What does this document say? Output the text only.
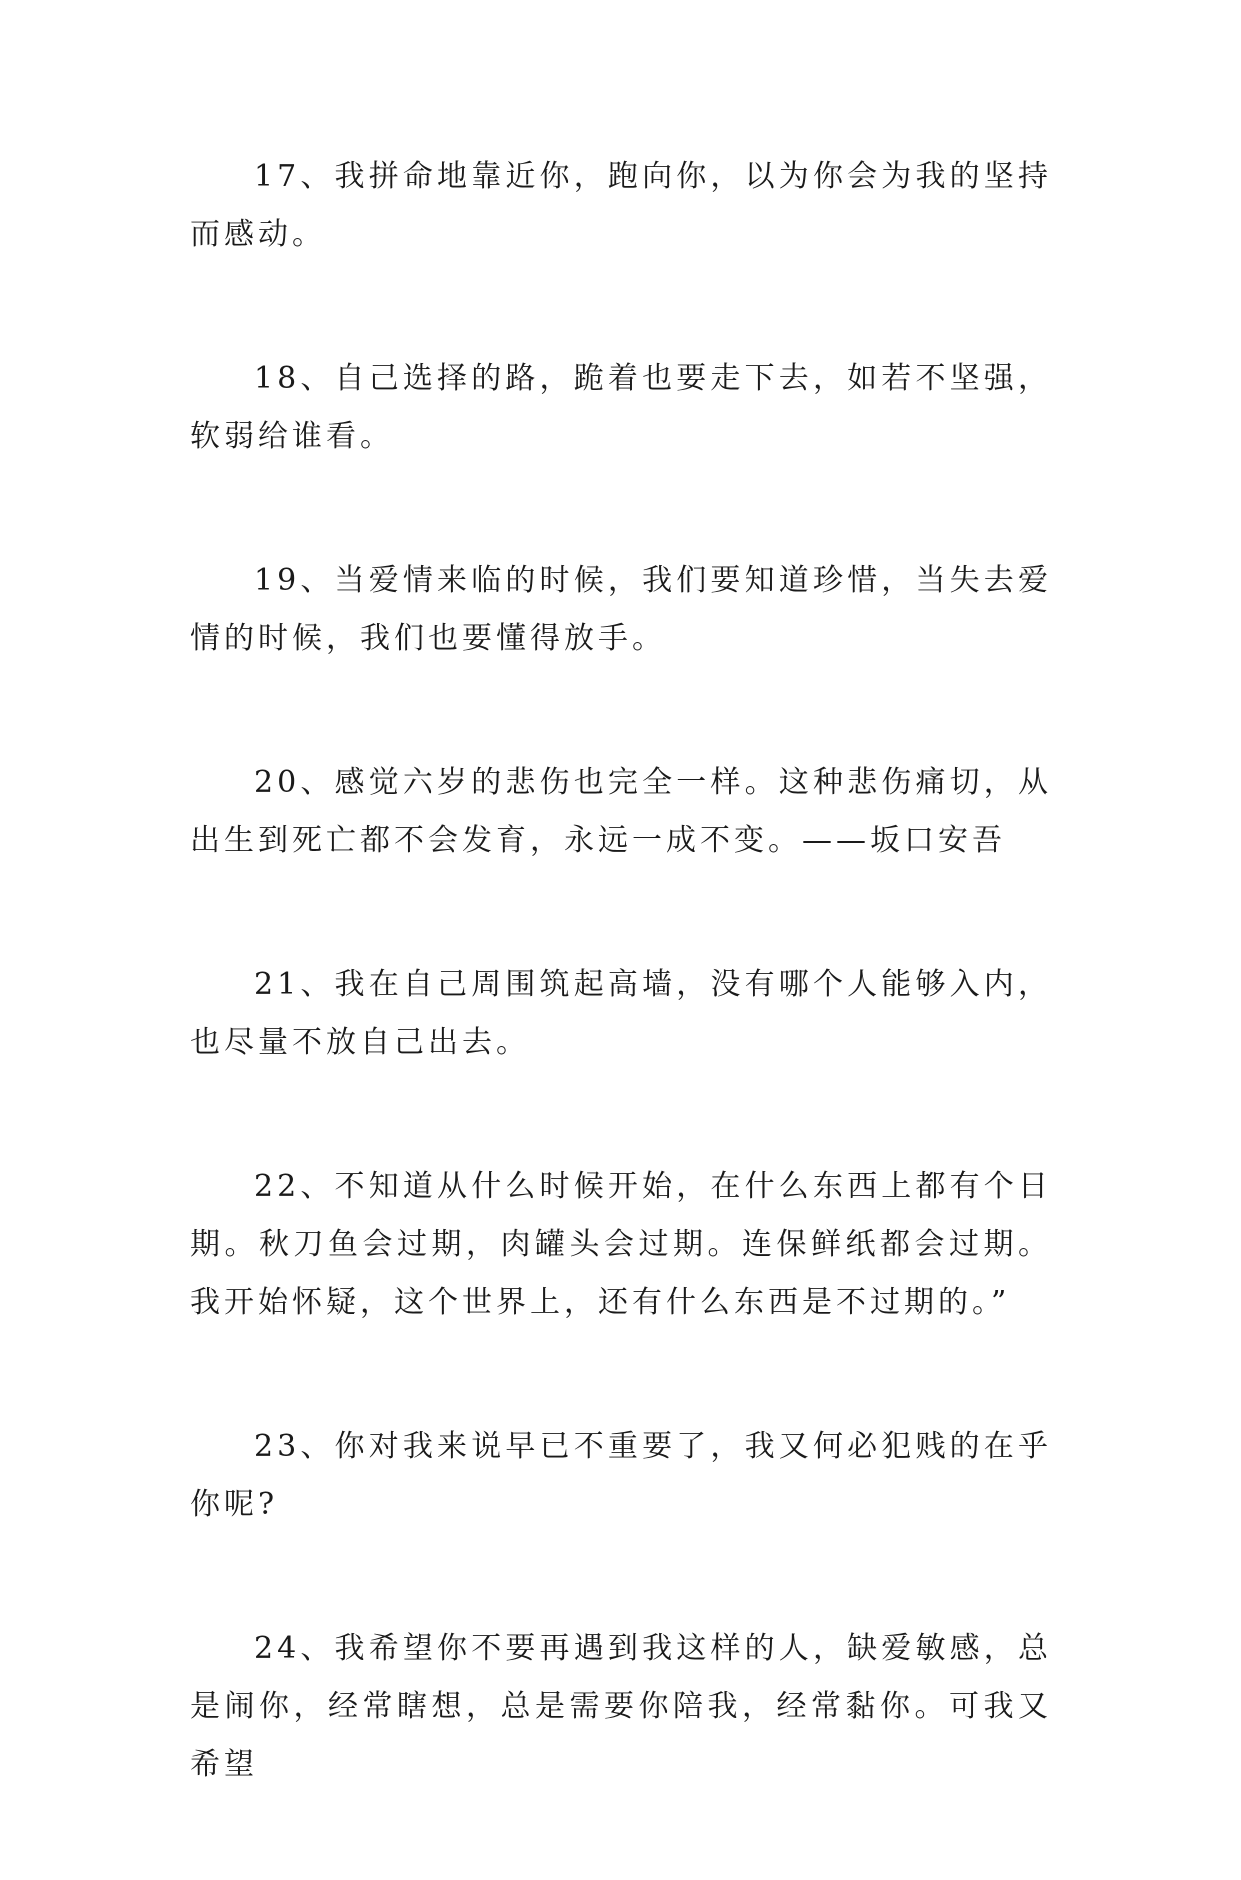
17、我拼命地靠近你，跑向你，以为你会为我的坚持而感动。

18、自己选择的路，跪着也要走下去，如若不坚强，软弱给谁看。

19、当爱情来临的时候，我们要知道珍惜，当失去爱情的时候，我们也要懂得放手。

20、感觉六岁的悲伤也完全一样。这种悲伤痛切，从出生到死亡都不会发育，永远一成不变。——坂口安吾

21、我在自己周围筑起高墙，没有哪个人能够入内，也尽量不放自己出去。

22、不知道从什么时候开始，在什么东西上都有个日期。秋刀鱼会过期，肉罐头会过期。连保鲜纸都会过期。我开始怀疑，这个世界上，还有什么东西是不过期的。”

23、你对我来说早已不重要了，我又何必犯贱的在乎你呢?

24、我希望你不要再遇到我这样的人，缺爱敏感，总是闹你，经常瞎想，总是需要你陪我，经常黏你。可我又希望
